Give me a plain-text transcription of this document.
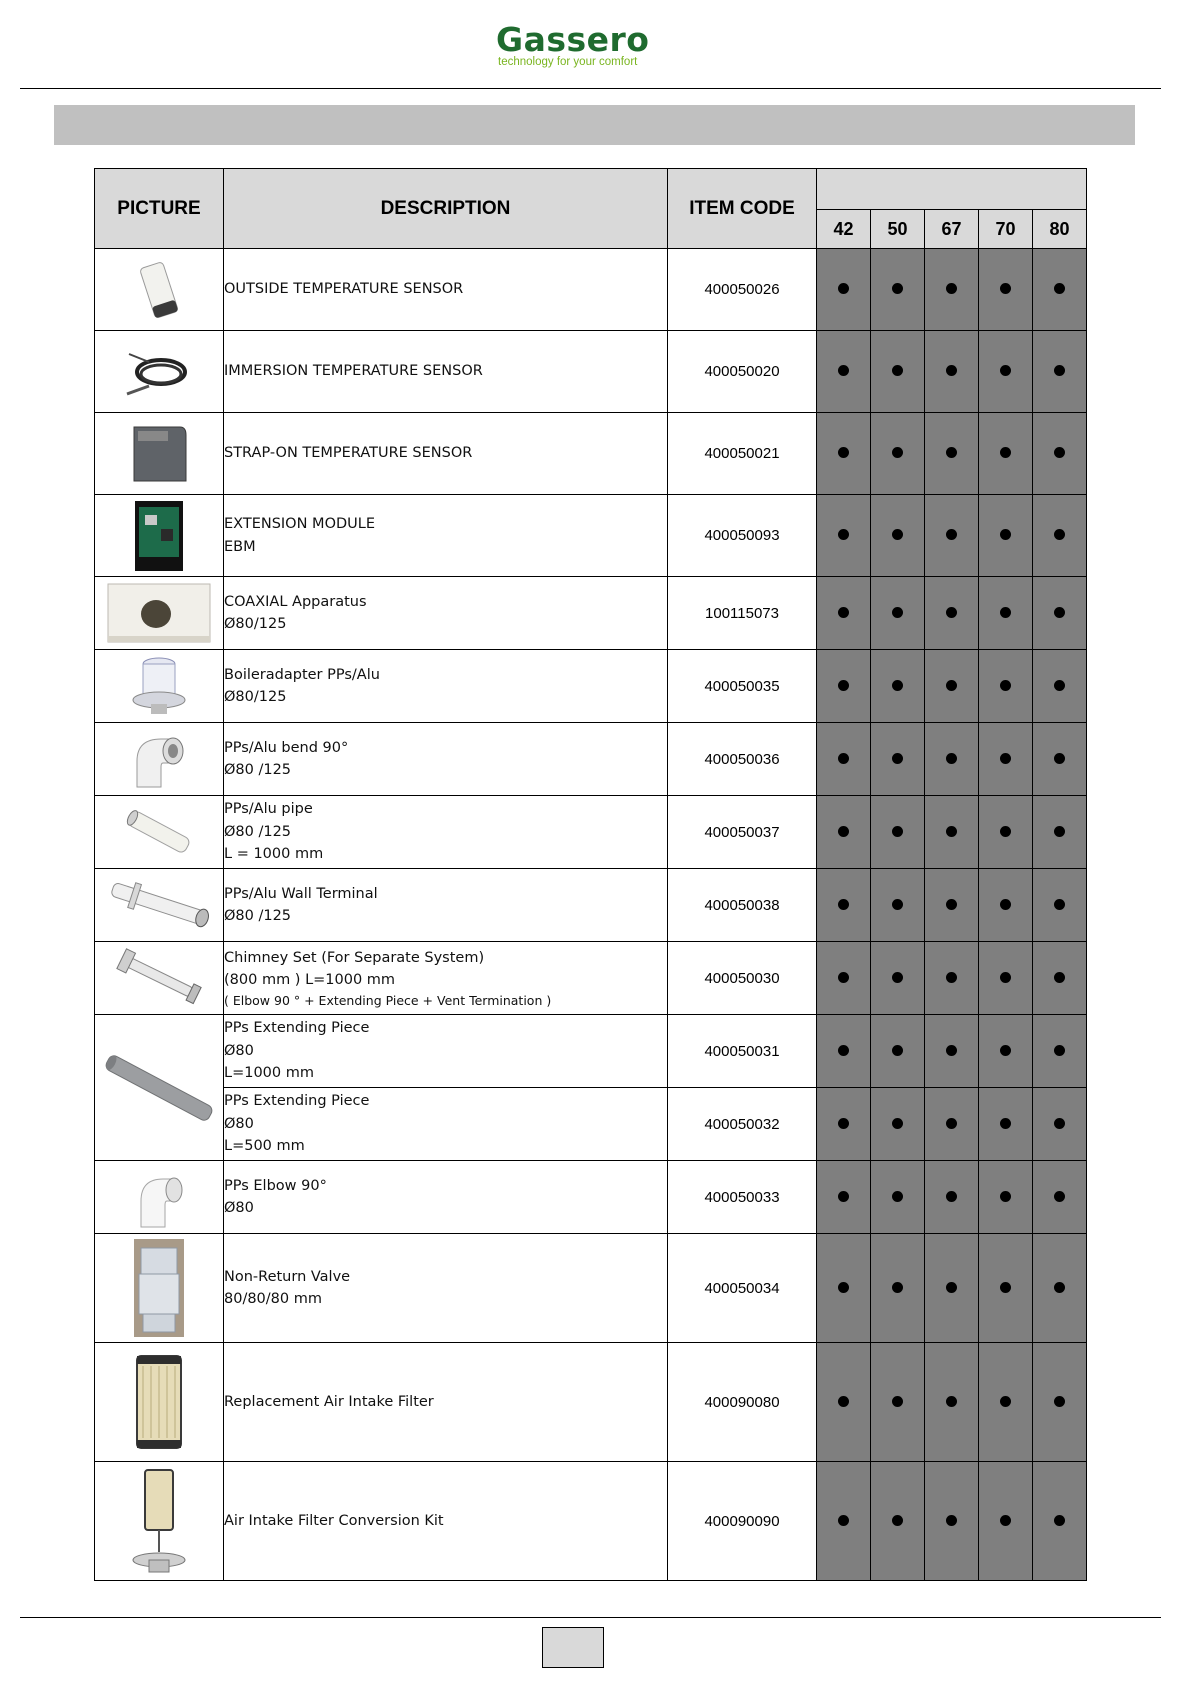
Gassero
technology for your comfort
PICTURE	DESCRIPTION	ITEM CODE					
			42	50	67	70	80

OUTSIDE TEMPERATURE SENSOR	400050026					

IMMERSION TEMPERATURE SENSOR	400050020					

STRAP-ON TEMPERATURE SENSOR	400050021					

EXTENSION MODULE
EBM	400050093					

COAXIAL Apparatus
Ø80/125	100115073					

Boileradapter PPs/Alu
Ø80/125	400050035					

PPs/Alu bend 90°
Ø80 /125	400050036					

PPs/Alu pipe
Ø80 /125
L = 1000 mm	400050037					

PPs/Alu Wall Terminal
Ø80 /125	400050038					

Chimney Set (For Separate System)
(800 mm ) L=1000 mm
( Elbow 90 ° + Extending Piece + Vent Termination )	400050030					

PPs Extending Piece
Ø80
L=1000 mm	400050031					

	PPs Extending Piece
Ø80
L=500 mm	400050032					

PPs Elbow 90°
Ø80	400050033					

Non-Return Valve
80/80/80 mm	400050034					

Replacement Air Intake Filter	400090080					

Air Intake Filter Conversion Kit	400090090					
